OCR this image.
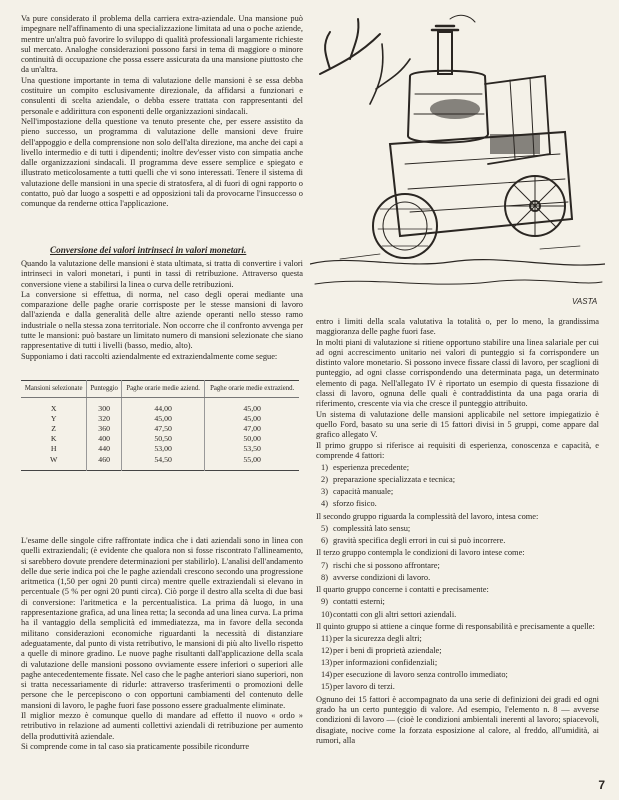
Va pure considerato il problema della carriera extra-aziendale. Una mansione può impegnare nell'affinamento di una specializzazione limitata ad una o poche aziende, mentre un'altra può favorire lo sviluppo di qualità professionali largamente richieste sul mercato. Analoghe considerazioni possono farsi in tema di maggiore o minore continuità di occupazione che possa essere assicurata da una mansione piuttosto che da un'altra.

Una questione importante in tema di valutazione delle mansioni è se essa debba costituire un compito esclusivamente direzionale, da affidarsi a funzionari e consulenti di scelta aziendale, o debba essere trattata con rappresentanti del personale e addirittura con esponenti delle organizzazioni sindacali.

Nell'impostazione della questione va tenuto presente che, per essere assistito da pieno successo, un programma di valutazione delle mansioni deve fruire dell'appoggio e della comprensione non solo dell'alta direzione, ma anche dei capi a livello intermedio e di tutti i dipendenti; inoltre dev'esser visto con simpatia anche dalle organizzazioni sindacali. Il programma deve essere semplice e spiegato e illustrato meticolosamente a tutti quelli che vi sono interessati. Tenere il sistema di valutazione delle mansioni in una specie di stratosfera, al di fuori di ogni rapporto o contatto, può dar luogo a sospetti e ad opposizioni tali da provocarne l'insuccesso o comunque da renderne ottica l'applicazione.

Conversione dei valori intrinseci in valori monetari.

Quando la valutazione delle mansioni è stata ultimata, si tratta di convertire i valori intrinseci in valori monetari, i punti in tassi di retribuzione. Attraverso questa conversione viene a stabilirsi la linea o curva delle retribuzioni.

La conversione si effettua, di norma, nel caso degli operai mediante una comparazione delle paghe orarie corrisposte per le stesse mansioni di lavoro dall'azienda e dalla generalità delle altre aziende operanti nello stesso ramo industriale o nella stessa zona territoriale. Non occorre che il confronto avvenga per tutte le mansioni: può bastare un limitato numero di mansioni selezionate che siano rappresentative di tutti i livelli (basso, medio, alto).

Supponiamo i dati raccolti aziendalmente ed extraziendalmente come segue:

Mansioni selezionate	Punteggio	Paghe orarie medie aziend.	Paghe orarie medie extraziend.
X	300	44,00	45,00
Y	320	45,00	45,00
Z	360	47,50	47,00
K	400	50,50	50,00
H	440	53,00	53,50
W	460	54,50	55,00

L'esame delle singole cifre raffrontate indica che i dati aziendali sono in linea con quelli extraziendali; (è evidente che qualora non si fosse riscontrato l'allineamento, si sarebbero dovute prendere determinazioni per stabilirlo). L'analisi dell'andamento delle due serie indica poi che le paghe aziendali crescono secondo una progressione aritmetica (1,50 per ogni 20 punti circa) mentre quelle extraziendali si elevano in percentuale (5 % per ogni 20 punti circa). Ciò porge il destro alla scelta di due basi di conversione: l'aritmetica e la percentualistica. La prima dà luogo, in una rappresentazione grafica, ad una linea retta; la seconda ad una linea curva. La prima ha il vantaggio della semplicità ed immediatezza, ma in favore della seconda militano considerazioni economiche riguardanti la necessità di distanziare adeguatamente, dal punto di vista retributivo, le mansioni di più alto livello rispetto a quelle di minore gradino. Le nuove paghe risultanti dall'applicazione della scala di valutazione delle mansioni possono ovviamente essere inferiori o superiori alle paghe antecedentemente fissate. Nel caso che le paghe anteriori siano superiori, non si tratta necessariamente di ridurle: attraverso trasferimenti o promozioni delle persone che le percepiscono o con opportuni cambiamenti del contenuto delle mansioni di lavoro, le paghe fuori fase possono essere gradualmente eliminate.

Il miglior mezzo è comunque quello di mandare ad effetto il nuovo « ordo » retributivo in relazione ad aumenti collettivi aziendali di retribuzione per aumento della produttività aziendale.

Si comprende come in tal caso sia praticamente possibile ricondurre

VASTA

entro i limiti della scala valutativa la totalità o, per lo meno, la grandissima maggioranza delle paghe fuori fase.

In molti piani di valutazione si ritiene opportuno stabilire una linea salariale per cui ad ogni accrescimento unitario nei valori di punteggio si fa corrispondere un distinto valore monetario. Si possono invece fissare classi di lavoro, per scaglioni di punteggio, ad ogni classe corrispondendo una determinata paga, un determinato elemento di paga. Nell'allegato IV è riportato un esempio di questa fissazione di classi di lavoro, ognuna delle quali è contraddistinta da una paga oraria di riferimento, crescente via via che cresce il punteggio attribuito.

Un sistema di valutazione delle mansioni applicabile nel settore impiegatizio è quello Ford, basato su una serie di 15 fattori divisi in 5 gruppi, come appare dal grafico allegato V.

Il primo gruppo si riferisce ai requisiti di esperienza, conoscenza e capacità, e comprende 4 fattori:

1) esperienza precedente;
2) preparazione specializzata e tecnica;
3) capacità manuale;
4) sforzo fisico.

Il secondo gruppo riguarda la complessità del lavoro, intesa come:

5) complessità lato sensu;
6) gravità specifica degli errori in cui si può incorrere.

Il terzo gruppo contempla le condizioni di lavoro intese come:

7) rischi che si possono affrontare;
8) avverse condizioni di lavoro.

Il quarto gruppo concerne i contatti e precisamente:

9) contatti esterni;
10)contatti con gli altri settori aziendali.

Il quinto gruppo si attiene a cinque forme di responsabilità e precisamente a quelle:

11)per la sicurezza degli altri;
12)per i beni di proprietà aziendale;
13)per informazioni confidenziali;
14)per esecuzione di lavoro senza controllo immediato;
15)per lavoro di terzi.

Ognuno dei 15 fattori è accompagnato da una serie di definizioni dei gradi ed ogni grado ha un certo punteggio di valore. Ad esempio, l'elemento n. 8 — avverse condizioni di lavoro — (cioè le condizioni ambientali inerenti al lavoro; spiacevoli, disagiate, nocive come la forzata esposizione al calore, al freddo, all'umidità, ai rumori, alla

7
